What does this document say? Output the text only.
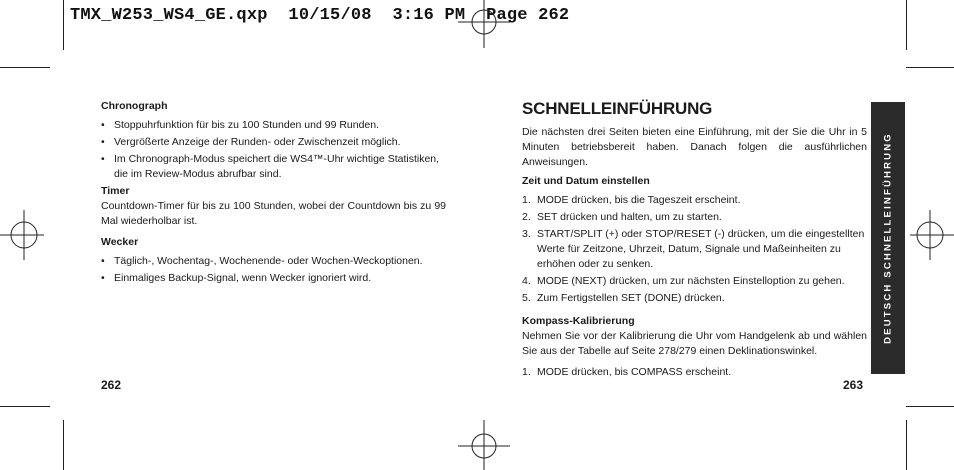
TMX_W253_WS4_GE.qxp  10/15/08  3:16 PM  Page 262

Chronograph

• Stoppuhrfunktion für bis zu 100 Stunden und 99 Runden.
• Vergrößerte Anzeige der Runden- oder Zwischenzeit möglich.
• Im Chronograph-Modus speichert die WS4™-Uhr wichtige Statistiken, die im Review-Modus abrufbar sind.

Timer

Countdown-Timer für bis zu 100 Stunden, wobei der Countdown bis zu 99 Mal wiederholbar ist.

Wecker

• Täglich-, Wochentag-, Wochenende- oder Wochen-Weckoptionen.
• Einmaliges Backup-Signal, wenn Wecker ignoriert wird.
262

SCHNELLEINFÜHRUNG

Die nächsten drei Seiten bieten eine Einführung, mit der Sie die Uhr in 5 Minuten betriebsbereit haben. Danach folgen die ausführlichen Anweisungen.

Zeit und Datum einstellen

1. MODE drücken, bis die Tageszeit erscheint.
2. SET drücken und halten, um zu starten.
3. START/SPLIT (+) oder STOP/RESET (-) drücken, um die eingestellten Werte für Zeitzone, Uhrzeit, Datum, Signale und Maßeinheiten zu erhöhen oder zu senken.
4. MODE (NEXT) drücken, um zur nächsten Einstelloption zu gehen.
5. Zum Fertigstellen SET (DONE) drücken.

Kompass-Kalibrierung

Nehmen Sie vor der Kalibrierung die Uhr vom Handgelenk ab und wählen Sie aus der Tabelle auf Seite 278/279 einen Deklinationswinkel.

1. MODE drücken, bis COMPASS erscheint.
263
DEUTSCH SCHNELLEINFÜHRUNG
